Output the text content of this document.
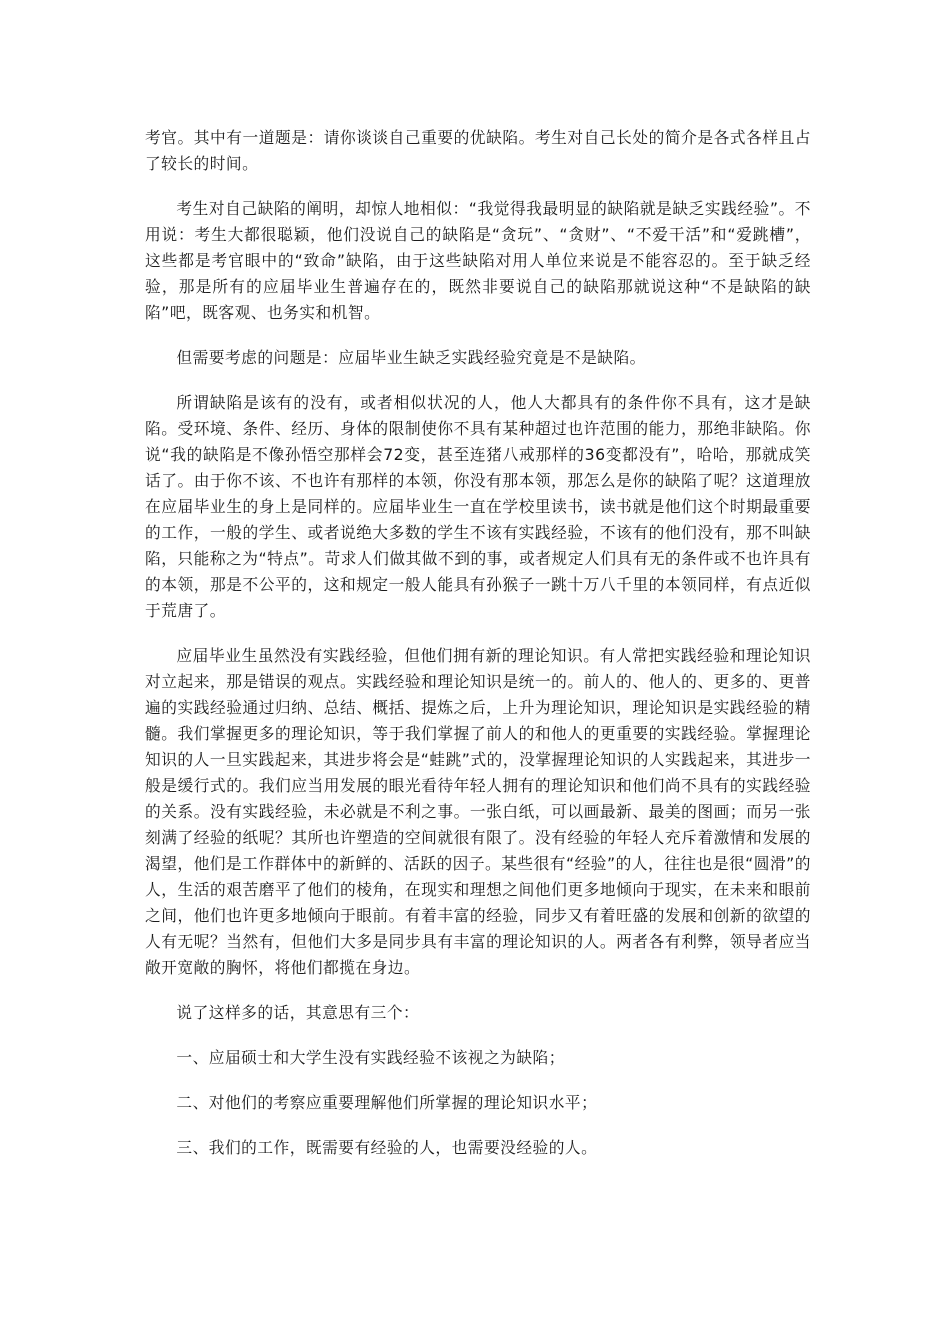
考官。其中有一道题是：请你谈谈自己重要的优缺陷。考生对自己长处的简介是各式各样且占了较长的时间。

考生对自己缺陷的阐明，却惊人地相似：“我觉得我最明显的缺陷就是缺乏实践经验”。不用说：考生大都很聪颖，他们没说自己的缺陷是“贪玩”、“贪财”、“不爱干活”和“爱跳槽”，这些都是考官眼中的“致命”缺陷，由于这些缺陷对用人单位来说是不能容忍的。至于缺乏经验，那是所有的应届毕业生普遍存在的，既然非要说自己的缺陷那就说这种“不是缺陷的缺陷”吧，既客观、也务实和机智。

但需要考虑的问题是：应届毕业生缺乏实践经验究竟是不是缺陷。

所谓缺陷是该有的没有，或者相似状况的人，他人大都具有的条件你不具有，这才是缺陷。受环境、条件、经历、身体的限制使你不具有某种超过也许范围的能力，那绝非缺陷。你说“我的缺陷是不像孙悟空那样会72变，甚至连猪八戒那样的36变都没有”，哈哈，那就成笑话了。由于你不该、不也许有那样的本领，你没有那本领，那怎么是你的缺陷了呢？这道理放在应届毕业生的身上是同样的。应届毕业生一直在学校里读书，读书就是他们这个时期最重要的工作，一般的学生、或者说绝大多数的学生不该有实践经验，不该有的他们没有，那不叫缺陷，只能称之为“特点”。苛求人们做其做不到的事，或者规定人们具有无的条件或不也许具有的本领，那是不公平的，这和规定一般人能具有孙猴子一跳十万八千里的本领同样，有点近似于荒唐了。

应届毕业生虽然没有实践经验，但他们拥有新的理论知识。有人常把实践经验和理论知识对立起来，那是错误的观点。实践经验和理论知识是统一的。前人的、他人的、更多的、更普遍的实践经验通过归纳、总结、概括、提炼之后，上升为理论知识，理论知识是实践经验的精髓。我们掌握更多的理论知识，等于我们掌握了前人的和他人的更重要的实践经验。掌握理论知识的人一旦实践起来，其进步将会是“蛙跳”式的，没掌握理论知识的人实践起来，其进步一般是缓行式的。我们应当用发展的眼光看待年轻人拥有的理论知识和他们尚不具有的实践经验的关系。没有实践经验，未必就是不利之事。一张白纸，可以画最新、最美的图画；而另一张刻满了经验的纸呢？其所也许塑造的空间就很有限了。没有经验的年轻人充斥着激情和发展的渴望，他们是工作群体中的新鲜的、活跃的因子。某些很有“经验”的人，往往也是很“圆滑”的人，生活的艰苦磨平了他们的棱角，在现实和理想之间他们更多地倾向于现实，在未来和眼前之间，他们也许更多地倾向于眼前。有着丰富的经验，同步又有着旺盛的发展和创新的欲望的人有无呢？当然有，但他们大多是同步具有丰富的理论知识的人。两者各有利弊，领导者应当敞开宽敞的胸怀，将他们都揽在身边。

说了这样多的话，其意思有三个：

一、应届硕士和大学生没有实践经验不该视之为缺陷；

二、对他们的考察应重要理解他们所掌握的理论知识水平；

三、我们的工作，既需要有经验的人，也需要没经验的人。
